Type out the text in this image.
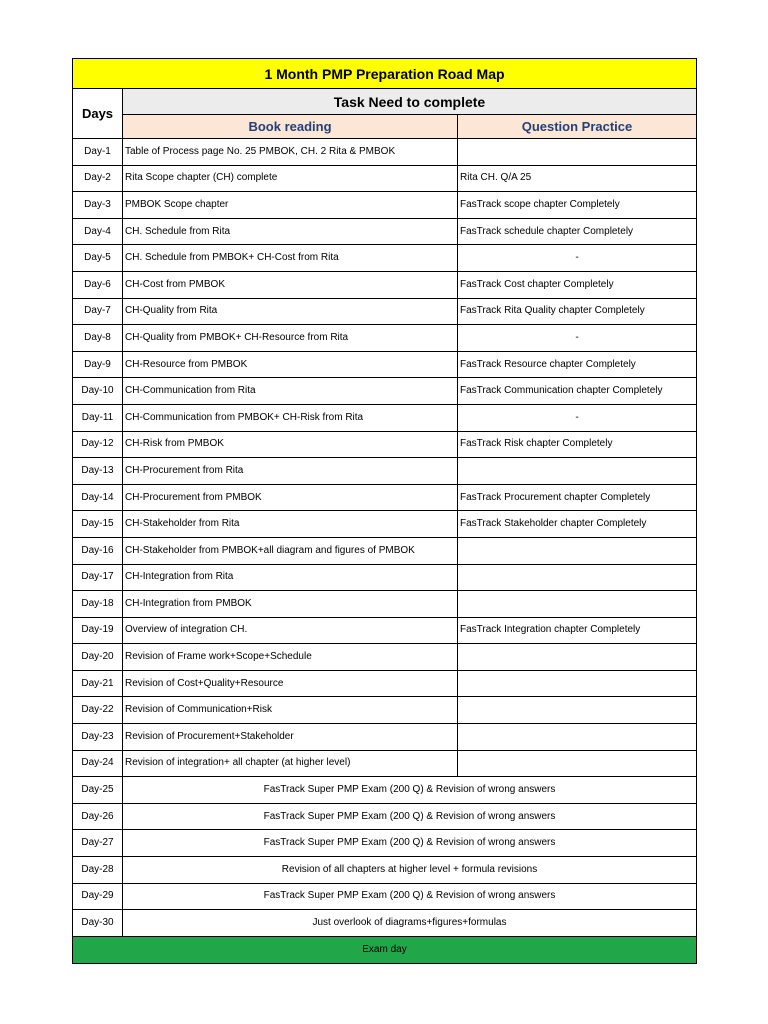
1 Month PMP Preparation Road Map		
Days	Task Need to complete	
	Book reading	Question Practice
Day-1	Table of Process page No. 25 PMBOK, CH. 2 Rita & PMBOK	
Day-2	Rita Scope chapter (CH) complete	Rita CH. Q/A 25
Day-3	PMBOK Scope chapter	FasTrack scope chapter Completely
Day-4	CH. Schedule from Rita	FasTrack schedule chapter Completely
Day-5	CH. Schedule from PMBOK+ CH-Cost from Rita	-
Day-6	CH-Cost from PMBOK	FasTrack Cost chapter Completely
Day-7	CH-Quality from Rita	FasTrack Rita Quality chapter Completely
Day-8	CH-Quality from PMBOK+ CH-Resource from Rita	-
Day-9	CH-Resource from PMBOK	FasTrack Resource chapter Completely
Day-10	CH-Communication from Rita	FasTrack Communication chapter Completely
Day-11	CH-Communication from PMBOK+ CH-Risk from Rita	-
Day-12	CH-Risk from PMBOK	FasTrack Risk chapter Completely
Day-13	CH-Procurement from Rita	
Day-14	CH-Procurement from PMBOK	FasTrack Procurement chapter Completely
Day-15	CH-Stakeholder from Rita	FasTrack Stakeholder chapter Completely
Day-16	CH-Stakeholder from PMBOK+all diagram and figures of PMBOK	
Day-17	CH-Integration from Rita	
Day-18	CH-Integration from PMBOK	
Day-19	Overview of integration CH.	FasTrack Integration chapter Completely
Day-20	Revision of Frame work+Scope+Schedule	
Day-21	Revision of Cost+Quality+Resource	
Day-22	Revision of Communication+Risk	
Day-23	Revision of Procurement+Stakeholder	
Day-24	Revision of integration+ all chapter (at higher level)	
Day-25	FasTrack Super PMP Exam (200 Q) & Revision of wrong answers	
Day-26	FasTrack Super PMP Exam (200 Q) & Revision of wrong answers	
Day-27	FasTrack Super PMP Exam (200 Q) & Revision of wrong answers	
Day-28	Revision of all chapters at higher level + formula revisions	
Day-29	FasTrack Super PMP Exam (200 Q) & Revision of wrong answers	
Day-30	Just overlook of diagrams+figures+formulas	
Exam day		
